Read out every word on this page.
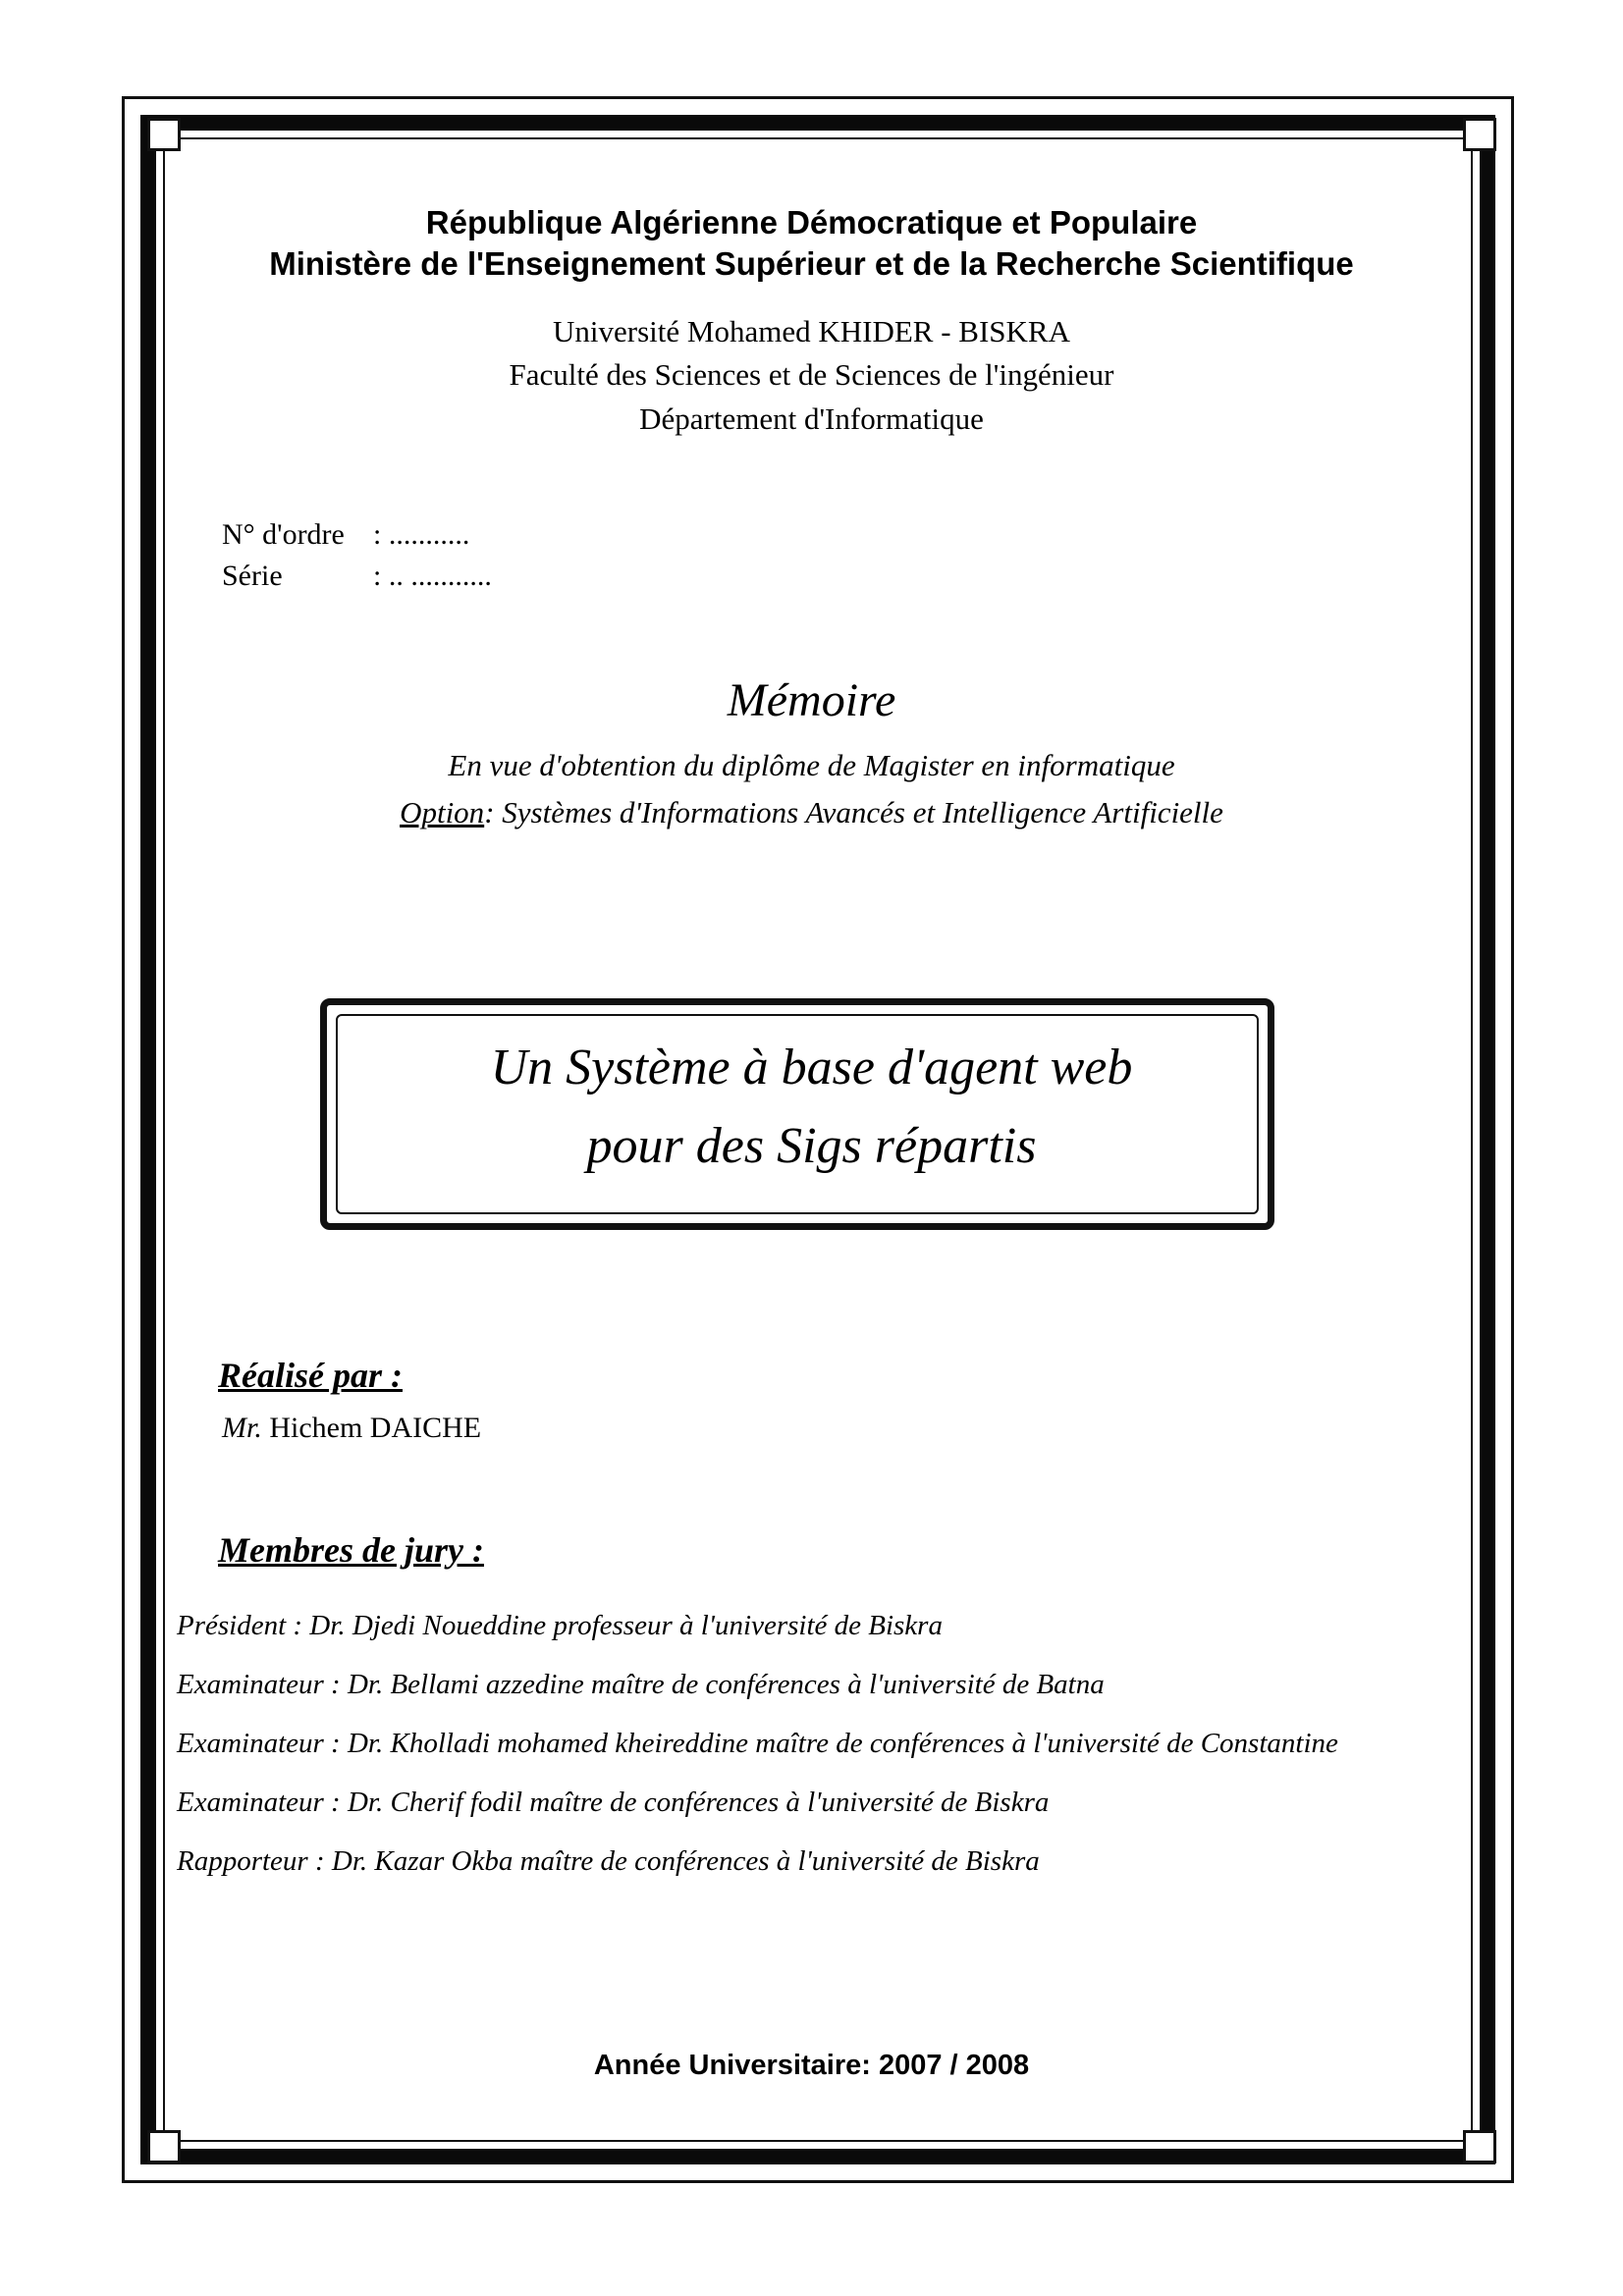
République Algérienne Démocratique et Populaire
Ministère de l'Enseignement Supérieur et de la Recherche Scientifique
Université Mohamed KHIDER - BISKRA
Faculté des Sciences et de Sciences de l'ingénieur
Département d'Informatique
N° d'ordre : ...........
Série	: .. ...........
Mémoire
En vue d'obtention du diplôme de Magister en informatique
Option: Systèmes d'Informations Avancés et Intelligence Artificielle
Un Système à base d'agent web
pour des Sigs répartis
Réalisé par :
Mr. Hichem DAICHE
Membres de jury :
Président : Dr. Djedi Noueddine professeur à l'université de Biskra
Examinateur : Dr. Bellami azzedine maître de conférences à l'université de Batna
Examinateur : Dr. Kholladi mohamed kheireddine maître de conférences à l'université de Constantine
Examinateur : Dr. Cherif fodil maître de conférences à l'université de Biskra
Rapporteur : Dr. Kazar Okba maître de conférences à l'université de Biskra
Année Universitaire: 2007 / 2008
